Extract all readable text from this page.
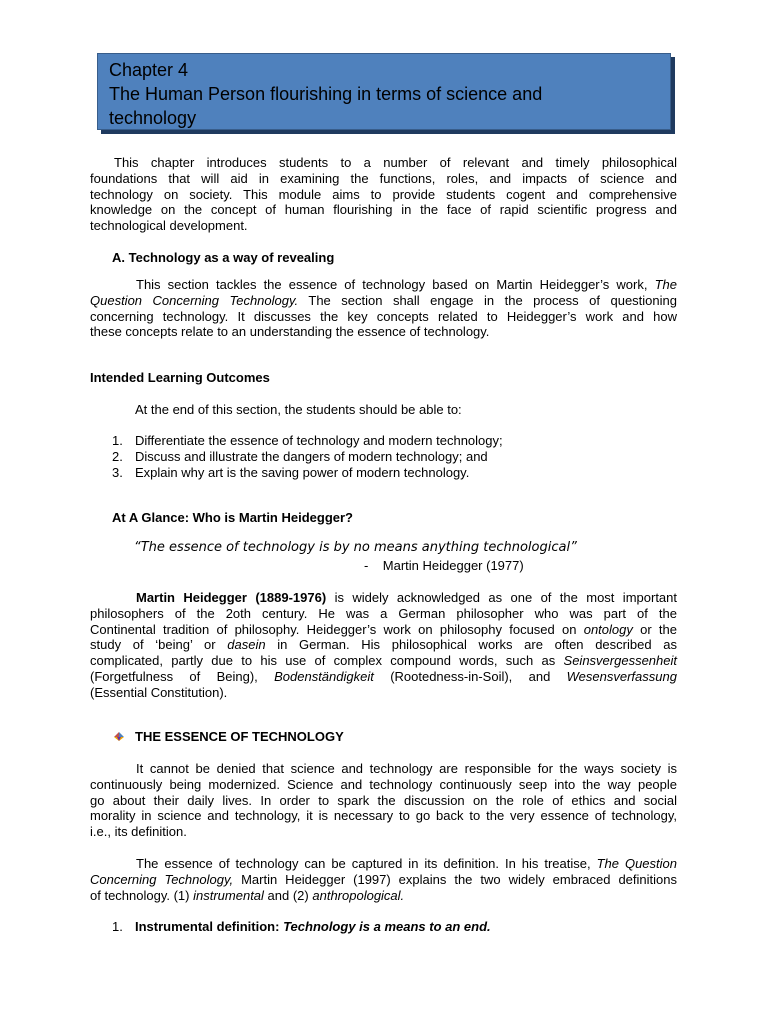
Chapter 4
The Human Person flourishing in terms of science and
technology
This chapter introduces students to a number of relevant and timely philosophical
foundations that will aid in examining the functions, roles, and impacts of science and
technology on society. This module aims to provide students cogent and comprehensive
knowledge on the concept of human flourishing in the face of rapid scientific progress and
technological development.
A. Technology as a way of revealing
This section tackles the essence of technology based on Martin Heidegger’s work, The
Question Concerning Technology. The section shall engage in the process of questioning
concerning technology. It discusses the key concepts related to Heidegger’s work and how
these concepts relate to an understanding the essence of technology.
Intended Learning Outcomes
At the end of this section, the students should be able to:
1. Differentiate the essence of technology and modern technology;
2. Discuss and illustrate the dangers of modern technology; and
3. Explain why art is the saving power of modern technology.
At A Glance: Who is Martin Heidegger?
“The essence of technology is by no means anything technological”
- Martin Heidegger (1977)
Martin Heidegger (1889-1976) is widely acknowledged as one of the most important
philosophers of the 2oth century. He was a German philosopher who was part of the
Continental tradition of philosophy. Heidegger’s work on philosophy focused on ontology or the
study of ‘being’ or dasein in German. His philosophical works are often described as
complicated, partly due to his use of complex compound words, such as Seinsvergessenheit
(Forgetfulness of Being), Bodenständigkeit (Rootedness-in-Soil), and Wesensverfassung
(Essential Constitution).
THE ESSENCE OF TECHNOLOGY
It cannot be denied that science and technology are responsible for the ways society is
continuously being modernized. Science and technology continuously seep into the way people
go about their daily lives. In order to spark the discussion on the role of ethics and social
morality in science and technology, it is necessary to go back to the very essence of technology,
i.e., its definition.
The essence of technology can be captured in its definition. In his treatise, The Question
Concerning Technology, Martin Heidegger (1997) explains the two widely embraced definitions
of technology. (1) instrumental and (2) anthropological.
1. Instrumental definition: Technology is a means to an end.
